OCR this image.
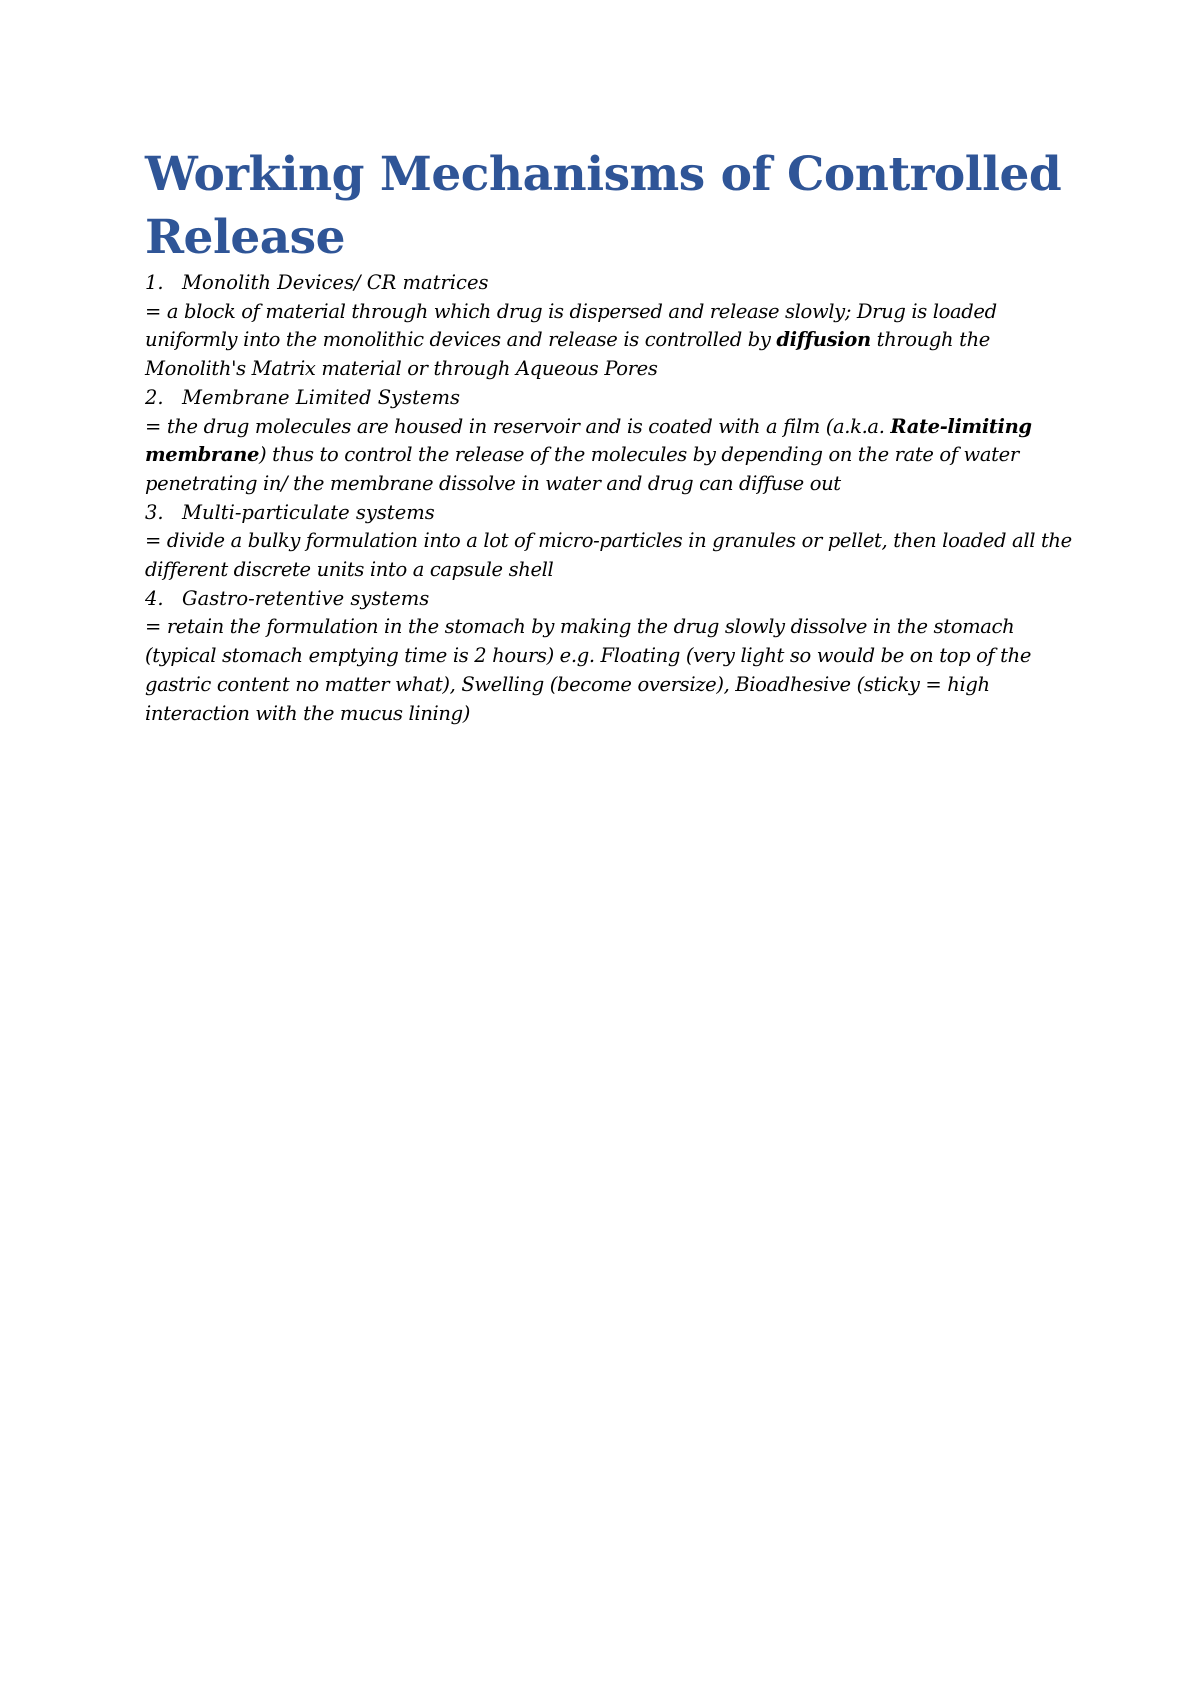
Working Mechanisms of Controlled Release
1. Monolith Devices/ CR matrices
= a block of material through which drug is dispersed and release slowly; Drug is loaded uniformly into the monolithic devices and release is controlled by diffusion through the Monolith's Matrix material or through Aqueous Pores
2. Membrane Limited Systems
= the drug molecules are housed in reservoir and is coated with a film (a.k.a. Rate-limiting membrane) thus to control the release of the molecules by depending on the rate of water penetrating in/ the membrane dissolve in water and drug can diffuse out
3. Multi-particulate systems
= divide a bulky formulation into a lot of micro-particles in granules or pellet, then loaded all the different discrete units into a capsule shell
4. Gastro-retentive systems
= retain the formulation in the stomach by making the drug slowly dissolve in the stomach (typical stomach emptying time is 2 hours) e.g. Floating (very light so would be on top of the gastric content no matter what), Swelling (become oversize), Bioadhesive (sticky = high interaction with the mucus lining)
